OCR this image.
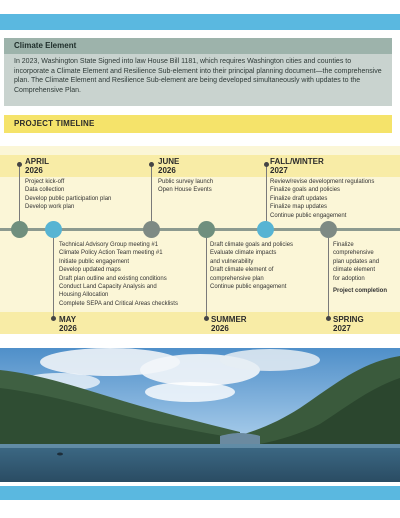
Climate Element
In 2023, Washington State Signed into law House Bill 1181, which requires Washington cities and counties to incorporate a Climate Element and Resilience Sub-element into their principal planning document—the comprehensive plan. The Climate Element and Resilience Sub-element are being developed simultaneously with updates to the Comprehensive Plan.
PROJECT TIMELINE
APRIL
2026
JUNE
2026
FALL/WINTER
2027
Project kick-off
Data collection
Develop public participation plan
Develop work plan
Public survey launch
Open House Events
Review/revise development regulations
Finalize goals and policies
Finalize draft updates
Finalize map updates
Continue public engagement
Technical Advisory Group meeting #1
Climate Policy Action Team meeting #1
Initiate public engagement
Develop updated maps
Draft plan outline and existing conditions
Conduct Land Capacity Analysis and
Housing Allocation
Complete SEPA and Critical Areas checklists
Draft climate goals and policies
Evaluate climate impacts
and vulnerability
Draft climate element of
comprehensive plan
Continue public engagement
Finalize
comprehensive
plan updates and
climate element
for adoption
Project completion
MAY
2026
SUMMER
2026
SPRING
2027
